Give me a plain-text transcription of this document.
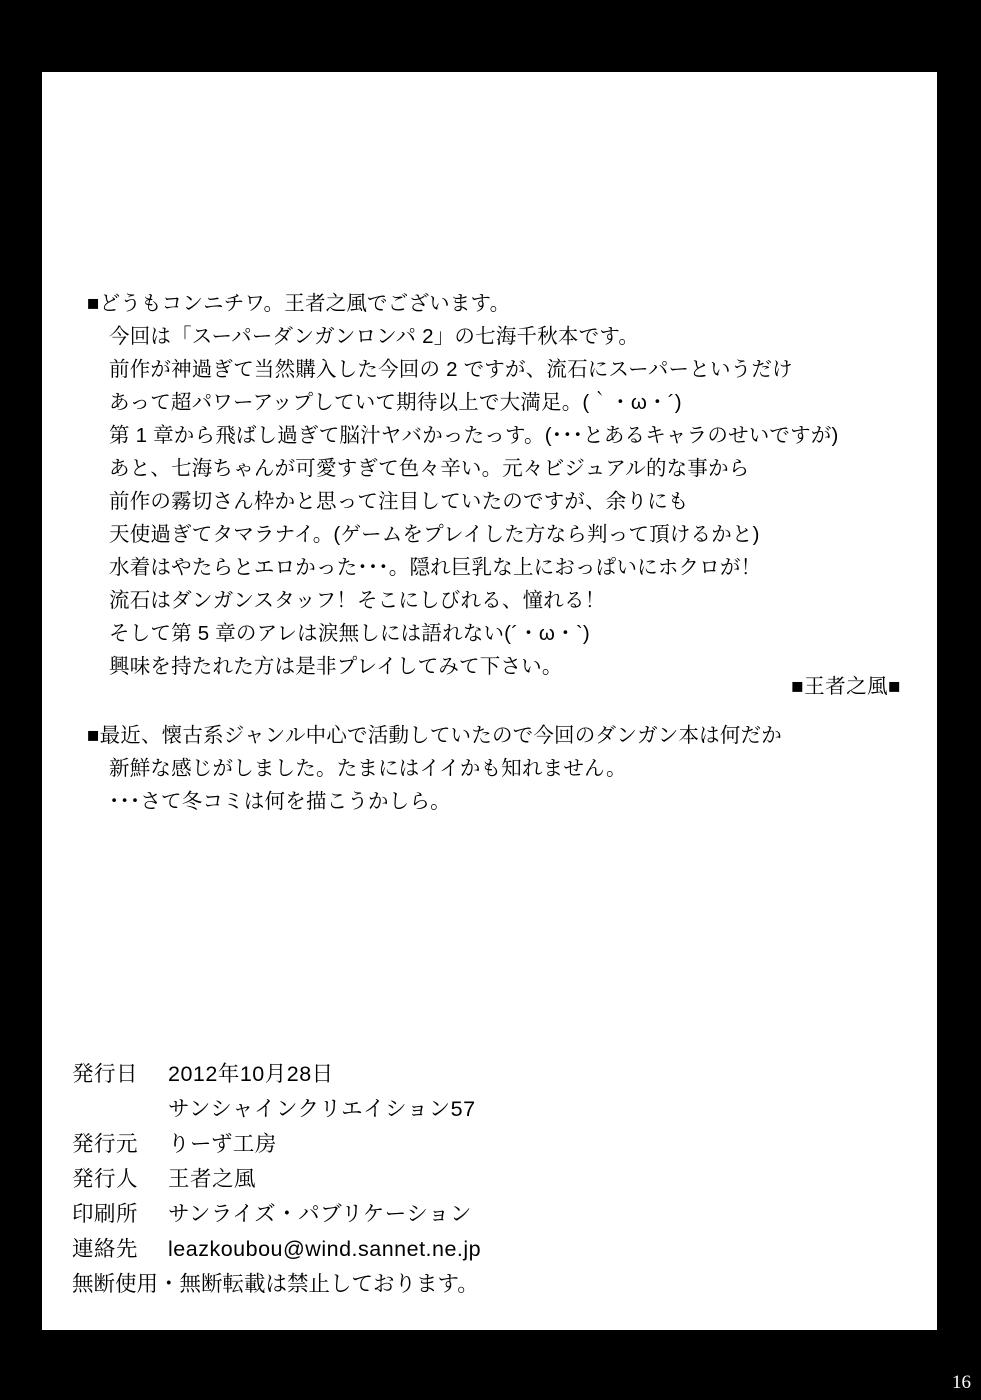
■どうもコンニチワ。王者之風でございます。
今回は「スーパーダンガンロンパ 2」の七海千秋本です。
前作が神過ぎて当然購入した今回の 2 ですが、流石にスーパーというだけ
あって超パワーアップしていて期待以上で大満足。(｀・ω・´)
第 1 章から飛ばし過ぎて脳汁ヤバかったっす。(･･･とあるキャラのせいですが)
あと、七海ちゃんが可愛すぎて色々辛い。元々ビジュアル的な事から
前作の霧切さん枠かと思って注目していたのですが、余りにも
天使過ぎてタマラナイ。(ゲームをプレイした方なら判って頂けるかと)
水着はやたらとエロかった･･･。隠れ巨乳な上におっぱいにホクロが！
流石はダンガンスタッフ！そこにしびれる、憧れる！
そして第 5 章のアレは涙無しには語れない(´・ω・`)
興味を持たれた方は是非プレイしてみて下さい。
■最近、懐古系ジャンル中心で活動していたので今回のダンガン本は何だか
新鮮な感じがしました。たまにはイイかも知れません。
･･･さて冬コミは何を描こうかしら。
■王者之風■
発行日	2012年10月28日
サンシャインクリエイション57
発行元	りーず工房
発行人	王者之風
印刷所	サンライズ・パブリケーション
連絡先	leazkoubou@wind.sannet.ne.jp
無断使用・無断転載は禁止しております。
16
